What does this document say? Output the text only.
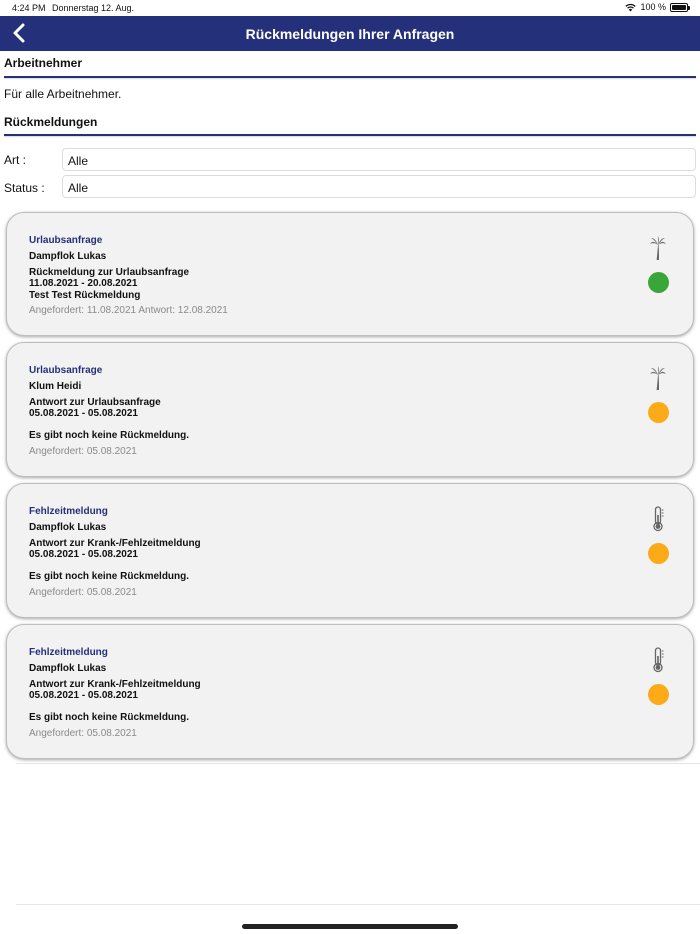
4:24 PM Donnerstag 12. Aug.	100 %
Rückmeldungen Ihrer Anfragen
Arbeitnehmer
Für alle Arbeitnehmer.
Rückmeldungen
Art :	Alle
Status :	Alle
Urlaubsanfrage
Dampflok Lukas
Rückmeldung zur Urlaubsanfrage
11.08.2021 - 20.08.2021
Test Test Rückmeldung
Angefordert: 11.08.2021 Antwort: 12.08.2021
Urlaubsanfrage
Klum Heidi
Antwort zur Urlaubsanfrage
05.08.2021 - 05.08.2021
Es gibt noch keine Rückmeldung.
Angefordert: 05.08.2021
Fehlzeitmeldung
Dampflok Lukas
Antwort zur Krank-/Fehlzeitmeldung
05.08.2021 - 05.08.2021
Es gibt noch keine Rückmeldung.
Angefordert: 05.08.2021
Fehlzeitmeldung
Dampflok Lukas
Antwort zur Krank-/Fehlzeitmeldung
05.08.2021 - 05.08.2021
Es gibt noch keine Rückmeldung.
Angefordert: 05.08.2021
